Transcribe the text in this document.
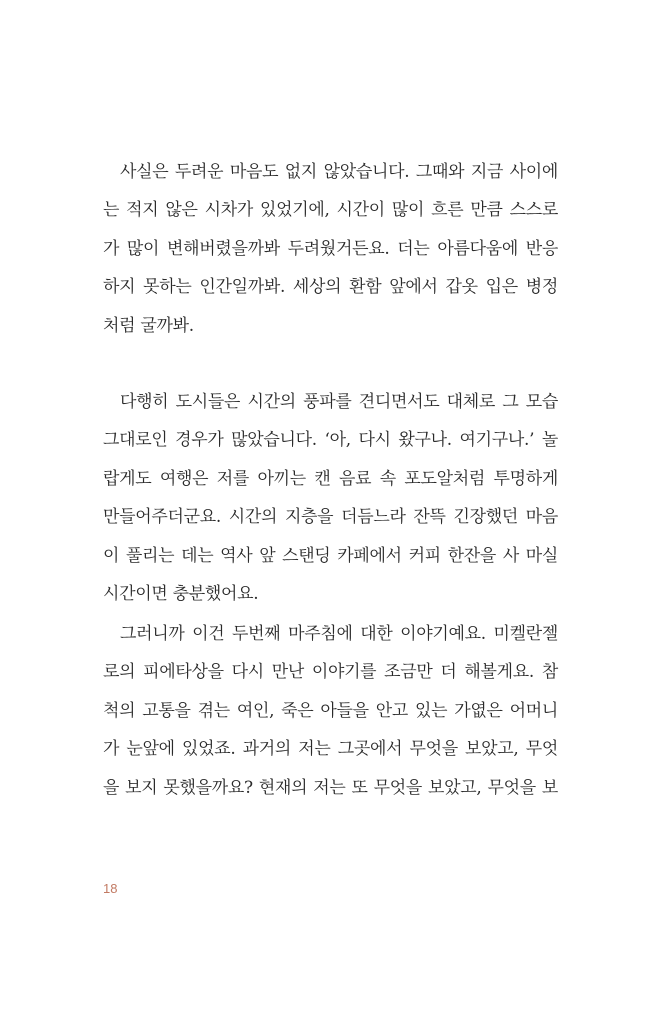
사실은 두려운 마음도 없지 않았습니다. 그때와 지금 사이에
는 적지 않은 시차가 있었기에, 시간이 많이 흐른 만큼 스스로
가 많이 변해버렸을까봐 두려웠거든요. 더는 아름다움에 반응
하지 못하는 인간일까봐. 세상의 환함 앞에서 갑옷 입은 병정
처럼 굴까봐.
다행히 도시들은 시간의 풍파를 견디면서도 대체로 그 모습
그대로인 경우가 많았습니다. ‘아, 다시 왔구나. 여기구나.’ 놀
랍게도 여행은 저를 아끼는 캔 음료 속 포도알처럼 투명하게
만들어주더군요. 시간의 지층을 더듬느라 잔뜩 긴장했던 마음
이 풀리는 데는 역사 앞 스탠딩 카페에서 커피 한잔을 사 마실
시간이면 충분했어요.
그러니까 이건 두번째 마주침에 대한 이야기예요. 미켈란젤
로의 피에타상을 다시 만난 이야기를 조금만 더 해볼게요. 참
척의 고통을 겪는 여인, 죽은 아들을 안고 있는 가엾은 어머니
가 눈앞에 있었죠. 과거의 저는 그곳에서 무엇을 보았고, 무엇
을 보지 못했을까요? 현재의 저는 또 무엇을 보았고, 무엇을 보
18
